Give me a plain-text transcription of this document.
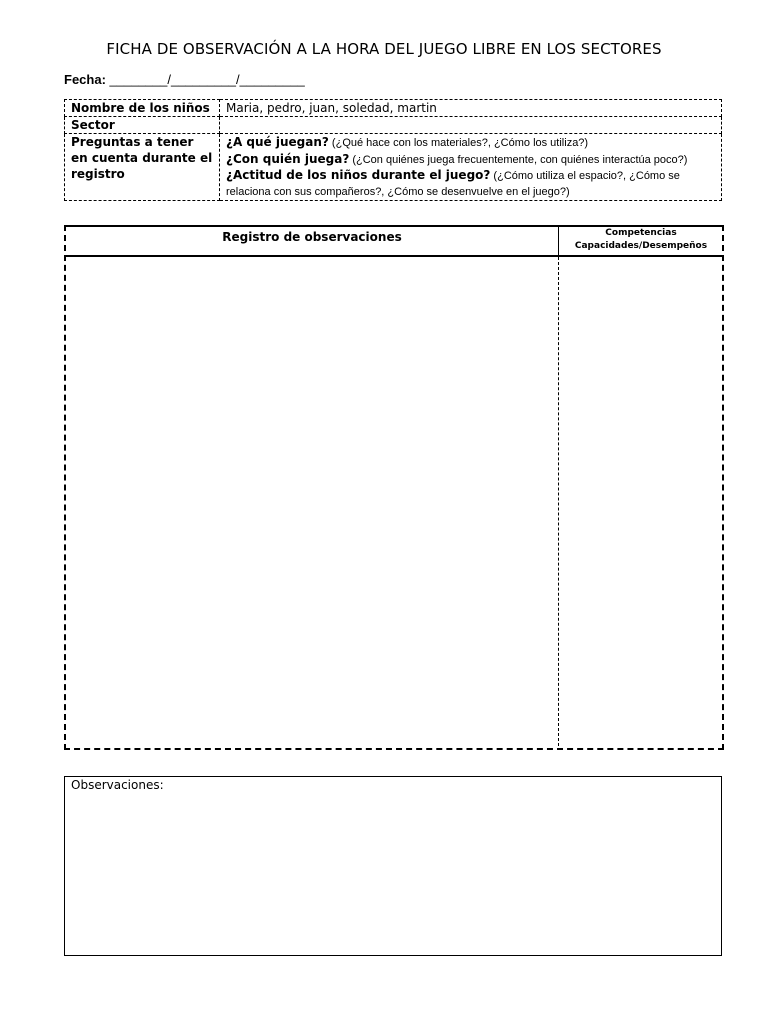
FICHA DE OBSERVACIÓN A LA HORA DEL JUEGO LIBRE EN LOS SECTORES
Fecha: ________/_________/_________
Nombre de los niños	Maria, pedro, juan, soledad, martin
Sector	
Preguntas a tener en cuenta durante el registro	¿A qué juegan? (¿Qué hace con los materiales?, ¿Cómo los utiliza?)
¿Con quién juega? (¿Con quiénes juega frecuentemente, con quiénes interactúa poco?)
¿Actitud de los niños durante el juego? (¿Cómo utiliza el espacio?, ¿Cómo se relaciona con sus compañeros?, ¿Cómo se desenvuelve en el juego?)
Registro de observaciones	Competencias
Capacidades/Desempeños
Observaciones:
